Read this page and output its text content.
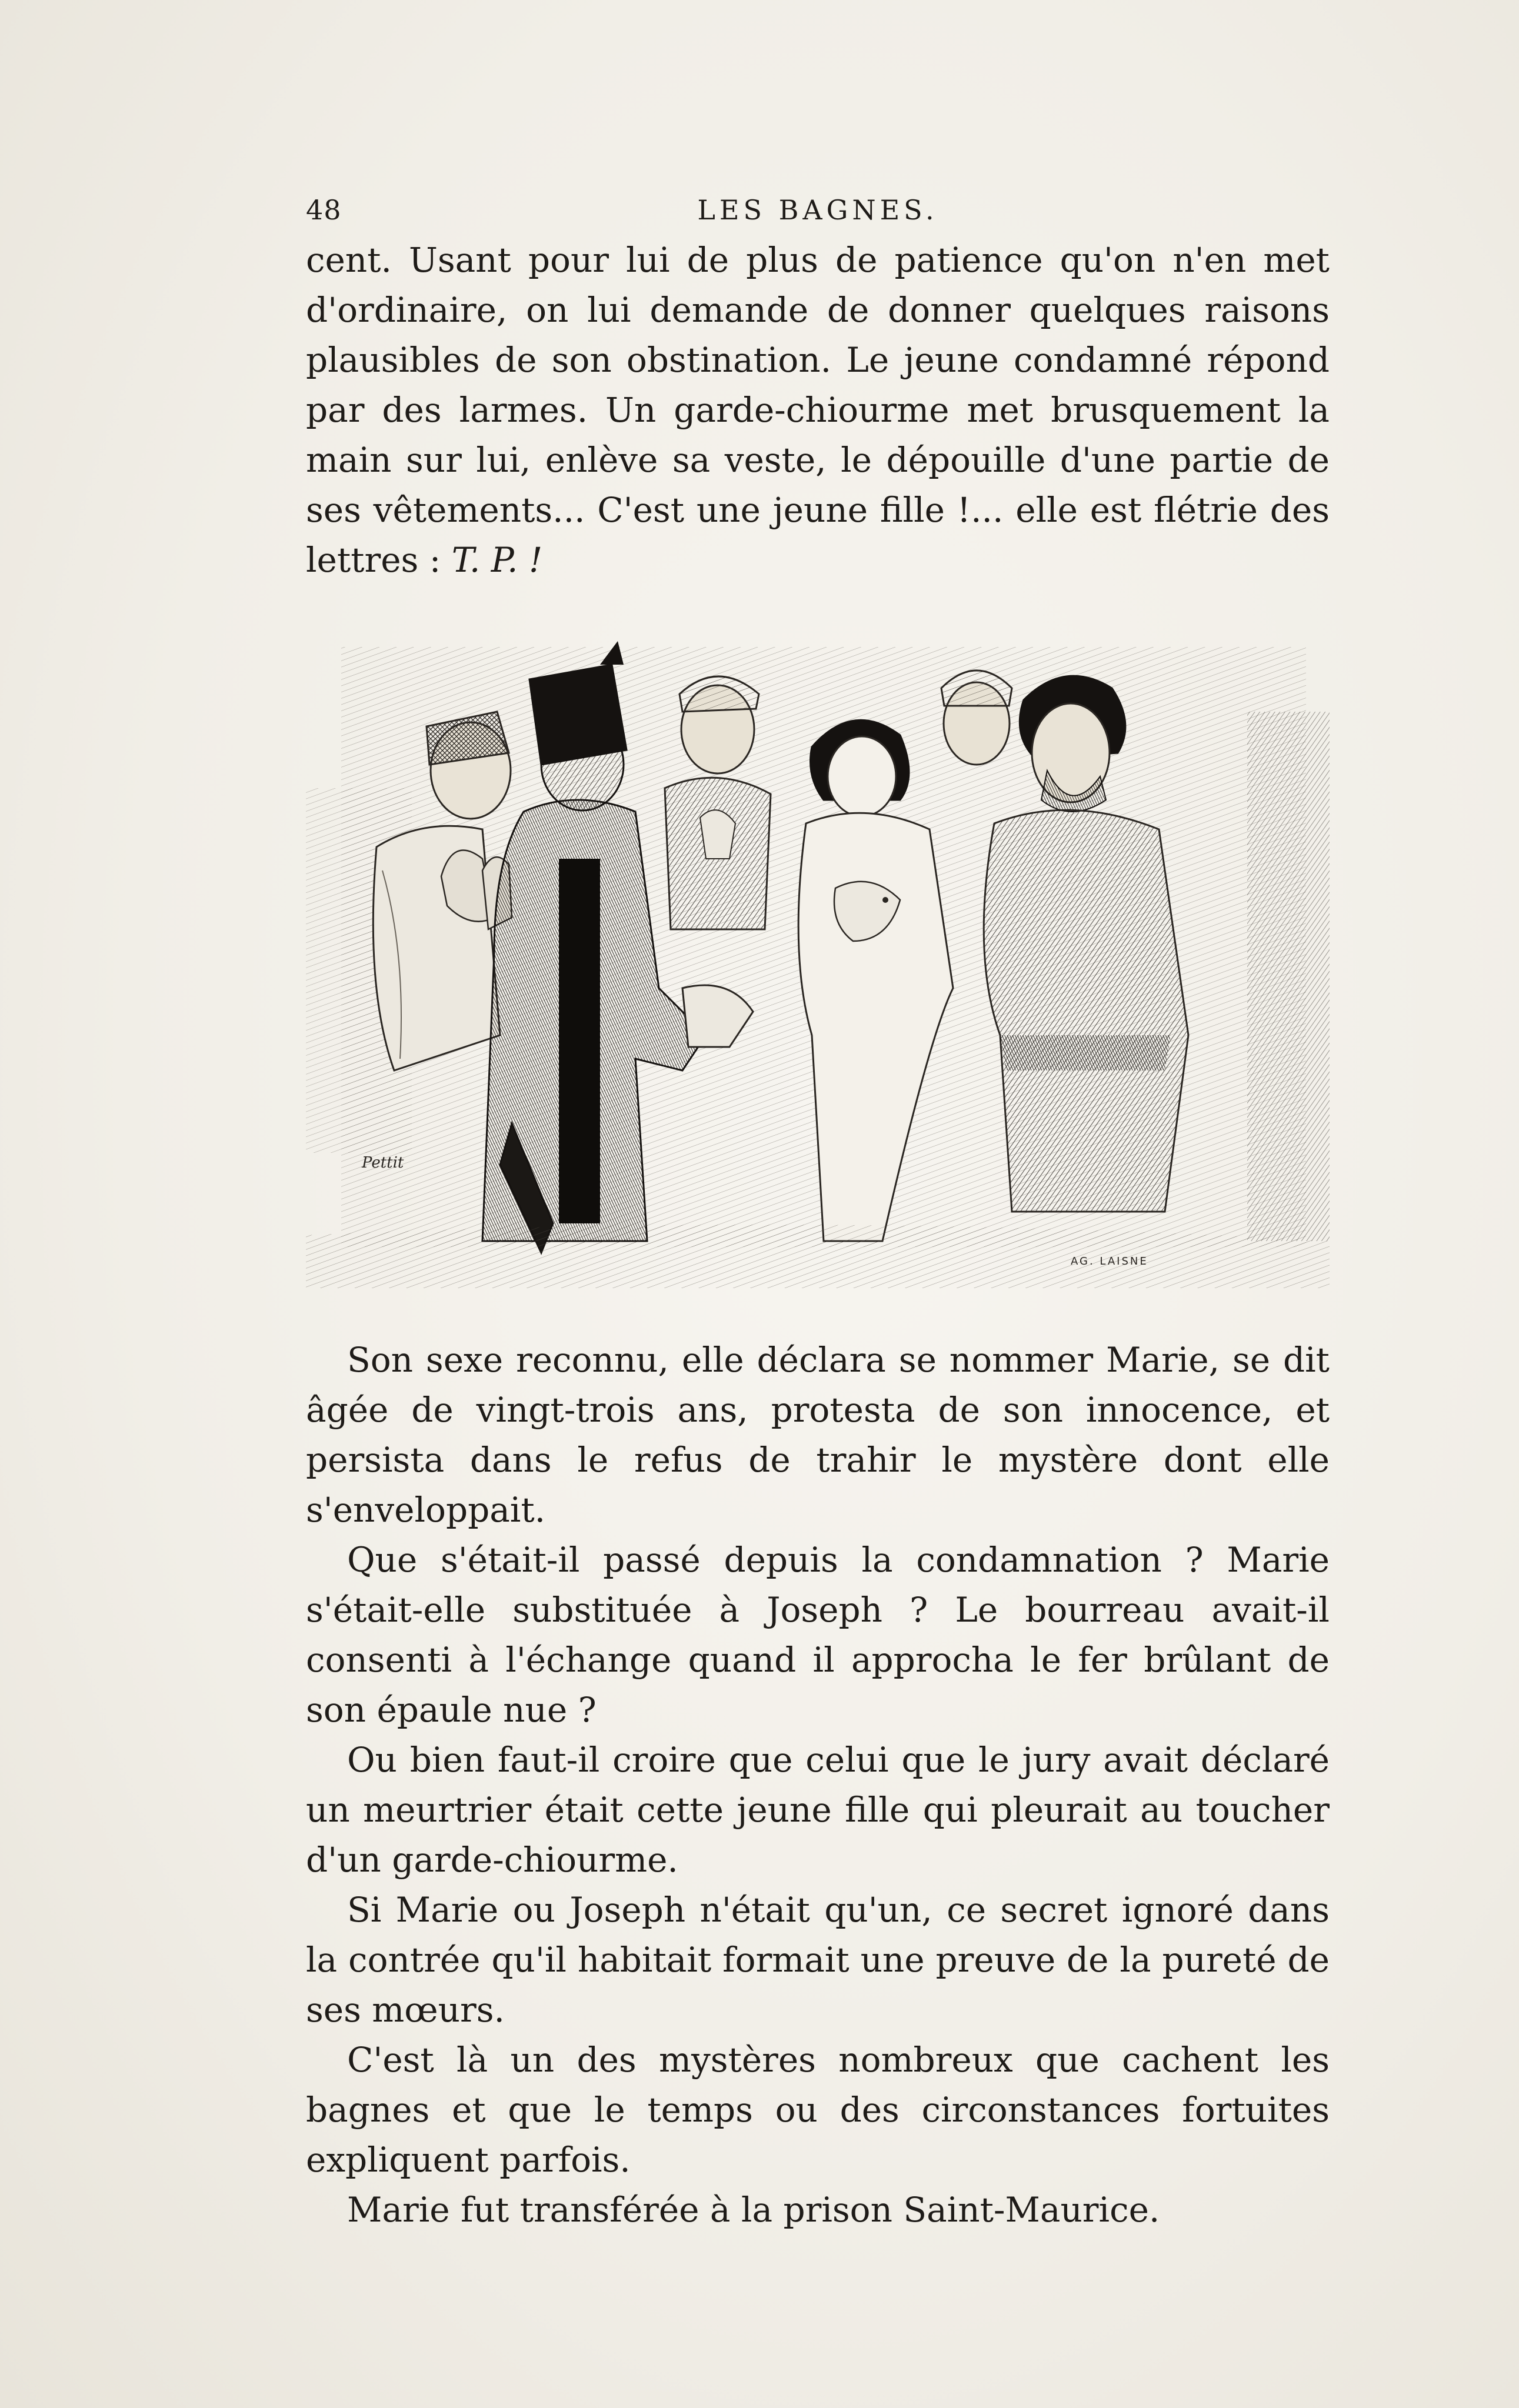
48	LES BAGNES.

cent. Usant pour lui de plus de patience qu'on n'en met d'ordinaire, on lui demande de donner quelques raisons plausibles de son obstination. Le jeune condamné répond par des larmes. Un garde-chiourme met brusquement la main sur lui, enlève sa veste, le dépouille d'une partie de ses vêtements... C'est une jeune fille !... elle est flétrie des lettres : T. P. !

Pettit
AG. LAISNE

Son sexe reconnu, elle déclara se nommer Marie, se dit âgée de vingt-trois ans, protesta de son innocence, et persista dans le refus de trahir le mystère dont elle s'enveloppait.

Que s'était-il passé depuis la condamnation ? Marie s'était-elle substituée à Joseph ? Le bourreau avait-il consenti à l'échange quand il approcha le fer brûlant de son épaule nue ?

Ou bien faut-il croire que celui que le jury avait déclaré un meurtrier était cette jeune fille qui pleurait au toucher d'un garde-chiourme.

Si Marie ou Joseph n'était qu'un, ce secret ignoré dans la contrée qu'il habitait formait une preuve de la pureté de ses mœurs.

C'est là un des mystères nombreux que cachent les bagnes et que le temps ou des circonstances fortuites expliquent parfois.

Marie fut transférée à la prison Saint-Maurice.
